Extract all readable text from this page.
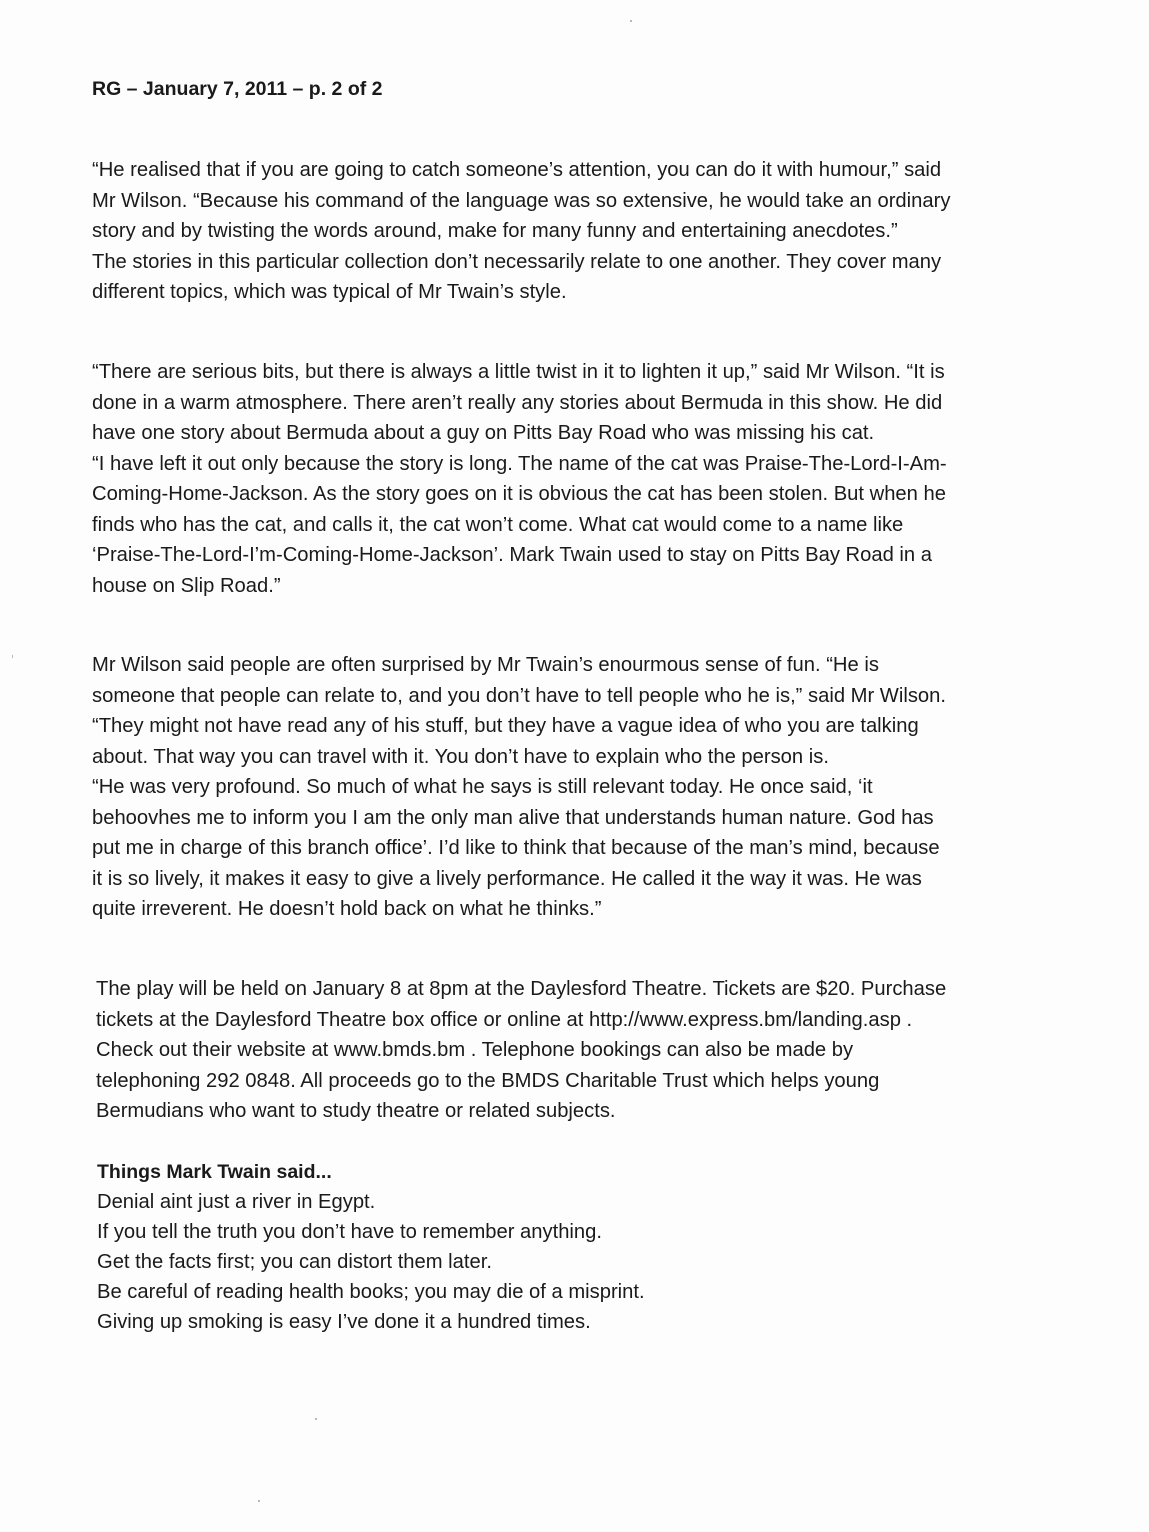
RG – January 7, 2011 – p. 2 of 2
“He realised that if you are going to catch someone’s attention, you can do it with humour,” said
Mr Wilson. “Because his command of the language was so extensive, he would take an ordinary
story and by twisting the words around, make for many funny and entertaining anecdotes.”
The stories in this particular collection don’t necessarily relate to one another. They cover many
different topics, which was typical of Mr Twain’s style.
“There are serious bits, but there is always a little twist in it to lighten it up,” said Mr Wilson. “It is
done in a warm atmosphere. There aren’t really any stories about Bermuda in this show. He did
have one story about Bermuda about a guy on Pitts Bay Road who was missing his cat.
“I have left it out only because the story is long. The name of the cat was Praise-The-Lord-I-Am-
Coming-Home-Jackson. As the story goes on it is obvious the cat has been stolen. But when he
finds who has the cat, and calls it, the cat won’t come. What cat would come to a name like
‘Praise-The-Lord-I’m-Coming-Home-Jackson’. Mark Twain used to stay on Pitts Bay Road in a
house on Slip Road.”
Mr Wilson said people are often surprised by Mr Twain’s enourmous sense of fun. “He is
someone that people can relate to, and you don’t have to tell people who he is,” said Mr Wilson.
“They might not have read any of his stuff, but they have a vague idea of who you are talking
about. That way you can travel with it. You don’t have to explain who the person is.
“He was very profound. So much of what he says is still relevant today. He once said, ‘it
behoovhes me to inform you I am the only man alive that understands human nature. God has
put me in charge of this branch office’. I’d like to think that because of the man’s mind, because
it is so lively, it makes it easy to give a lively performance. He called it the way it was. He was
quite irreverent. He doesn’t hold back on what he thinks.”
The play will be held on January 8 at 8pm at the Daylesford Theatre. Tickets are $20. Purchase
tickets at the Daylesford Theatre box office or online at http://www.express.bm/landing.asp .
Check out their website at www.bmds.bm . Telephone bookings can also be made by
telephoning 292 0848. All proceeds go to the BMDS Charitable Trust which helps young
Bermudians who want to study theatre or related subjects.
Things Mark Twain said...
Denial aint just a river in Egypt.
If you tell the truth you don’t have to remember anything.
Get the facts first; you can distort them later.
Be careful of reading health books; you may die of a misprint.
Giving up smoking is easy I’ve done it a hundred times.
